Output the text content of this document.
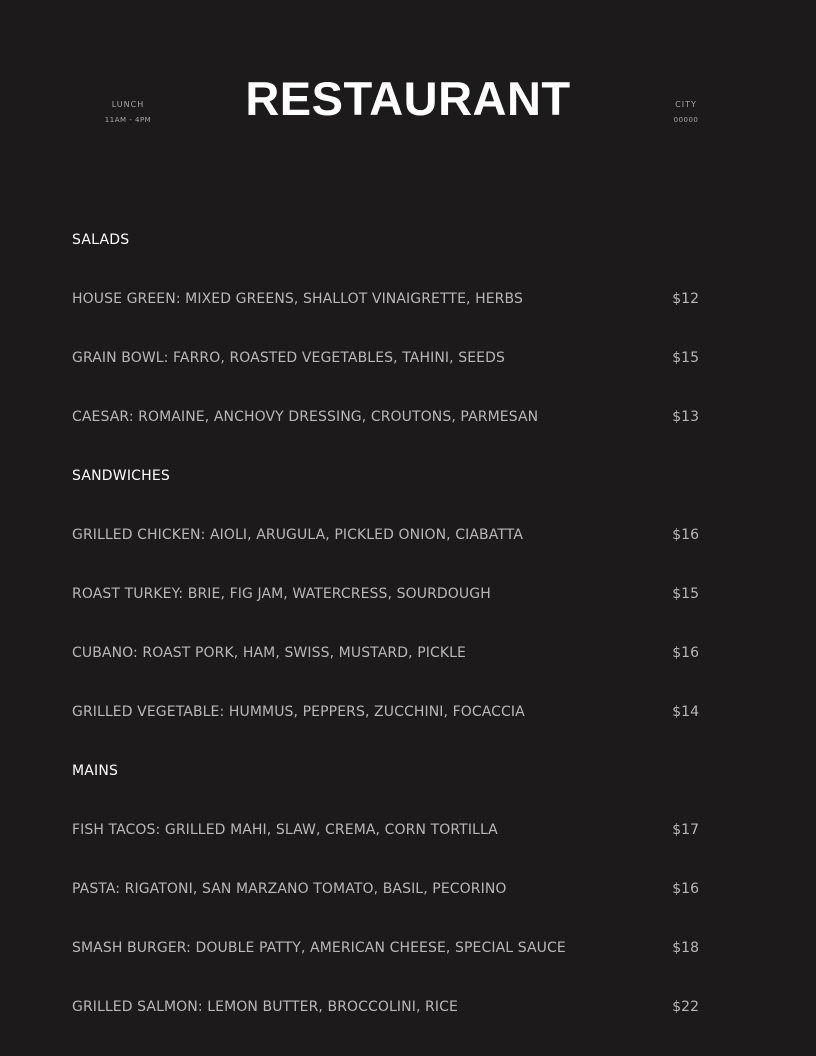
LUNCH
11AM - 4PM	RESTAURANT	CITY
00000
SALADS
HOUSE GREEN: MIXED GREENS, SHALLOT VINAIGRETTE, HERBS	$12
GRAIN BOWL: FARRO, ROASTED VEGETABLES, TAHINI, SEEDS	$15
CAESAR: ROMAINE, ANCHOVY DRESSING, CROUTONS, PARMESAN	$13
SANDWICHES
GRILLED CHICKEN: AIOLI, ARUGULA, PICKLED ONION, CIABATTA	$16
ROAST TURKEY: BRIE, FIG JAM, WATERCRESS, SOURDOUGH	$15
CUBANO: ROAST PORK, HAM, SWISS, MUSTARD, PICKLE	$16
GRILLED VEGETABLE: HUMMUS, PEPPERS, ZUCCHINI, FOCACCIA	$14
MAINS
FISH TACOS: GRILLED MAHI, SLAW, CREMA, CORN TORTILLA	$17
PASTA: RIGATONI, SAN MARZANO TOMATO, BASIL, PECORINO	$16
SMASH BURGER: DOUBLE PATTY, AMERICAN CHEESE, SPECIAL SAUCE	$18
GRILLED SALMON: LEMON BUTTER, BROCCOLINI, RICE	$22
